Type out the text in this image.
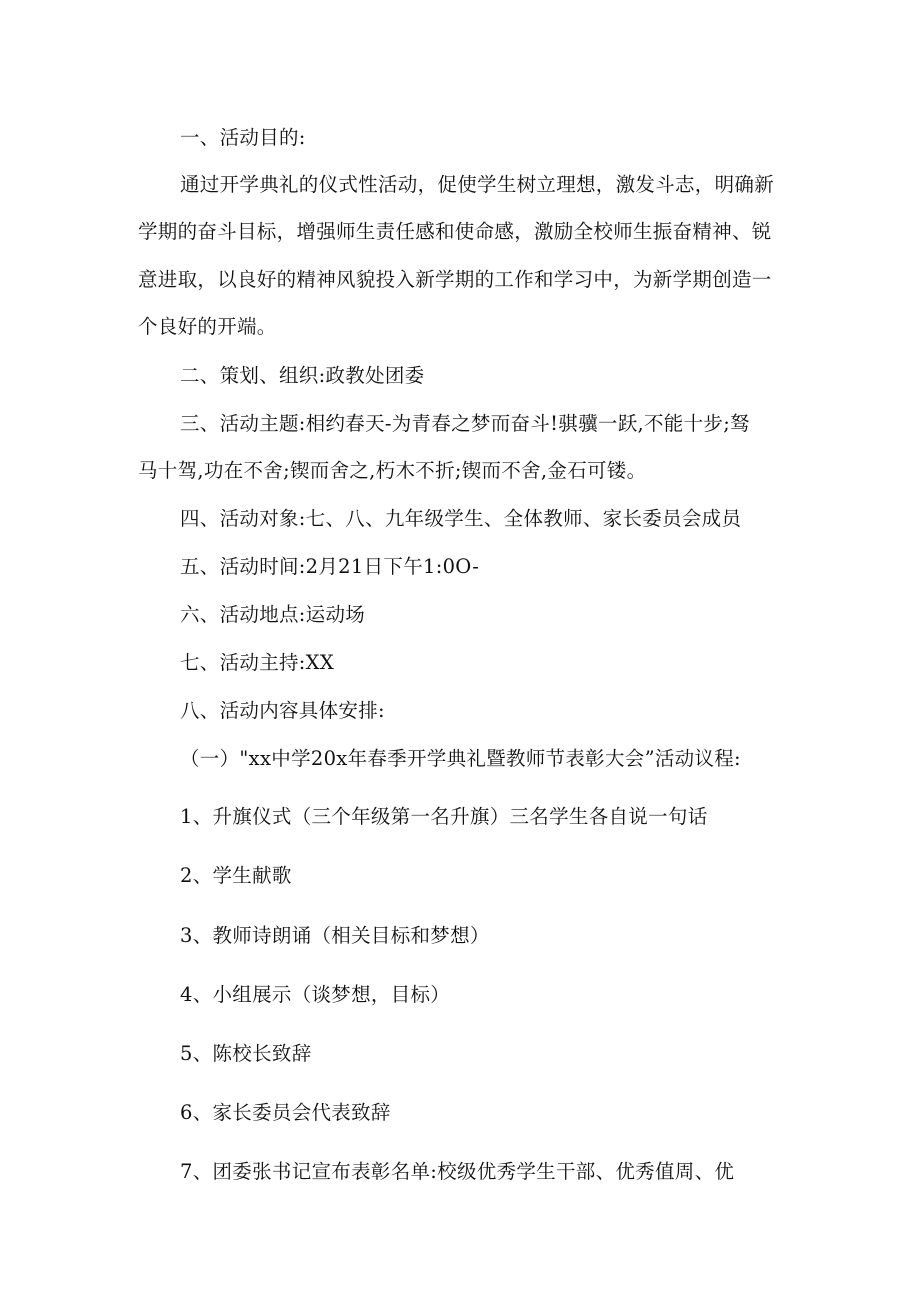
一、活动目的:
通过开学典礼的仪式性活动，促使学生树立理想，激发斗志，明确新
学期的奋斗目标，增强师生责任感和使命感，激励全校师生振奋精神、锐
意进取，以良好的精神风貌投入新学期的工作和学习中，为新学期创造一
个良好的开端。
二、策划、组织:政教处团委
三、活动主题:相约春天-为青春之梦而奋斗!骐骥一跃,不能十步;驽
马十驾,功在不舍;锲而舍之,朽木不折;锲而不舍,金石可镂。
四、活动对象:七、八、九年级学生、全体教师、家长委员会成员
五、活动时间:2月21日下午1:0O-
六、活动地点:运动场
七、活动主持:XX
八、活动内容具体安排:
（一）"xx中学20x年春季开学典礼暨教师节表彰大会”活动议程:
1、升旗仪式（三个年级第一名升旗）三名学生各自说一句话
2、学生献歌
3、教师诗朗诵（相关目标和梦想）
4、小组展示（谈梦想，目标）
5、陈校长致辞
6、家长委员会代表致辞
7、团委张书记宣布表彰名单:校级优秀学生干部、优秀值周、优
